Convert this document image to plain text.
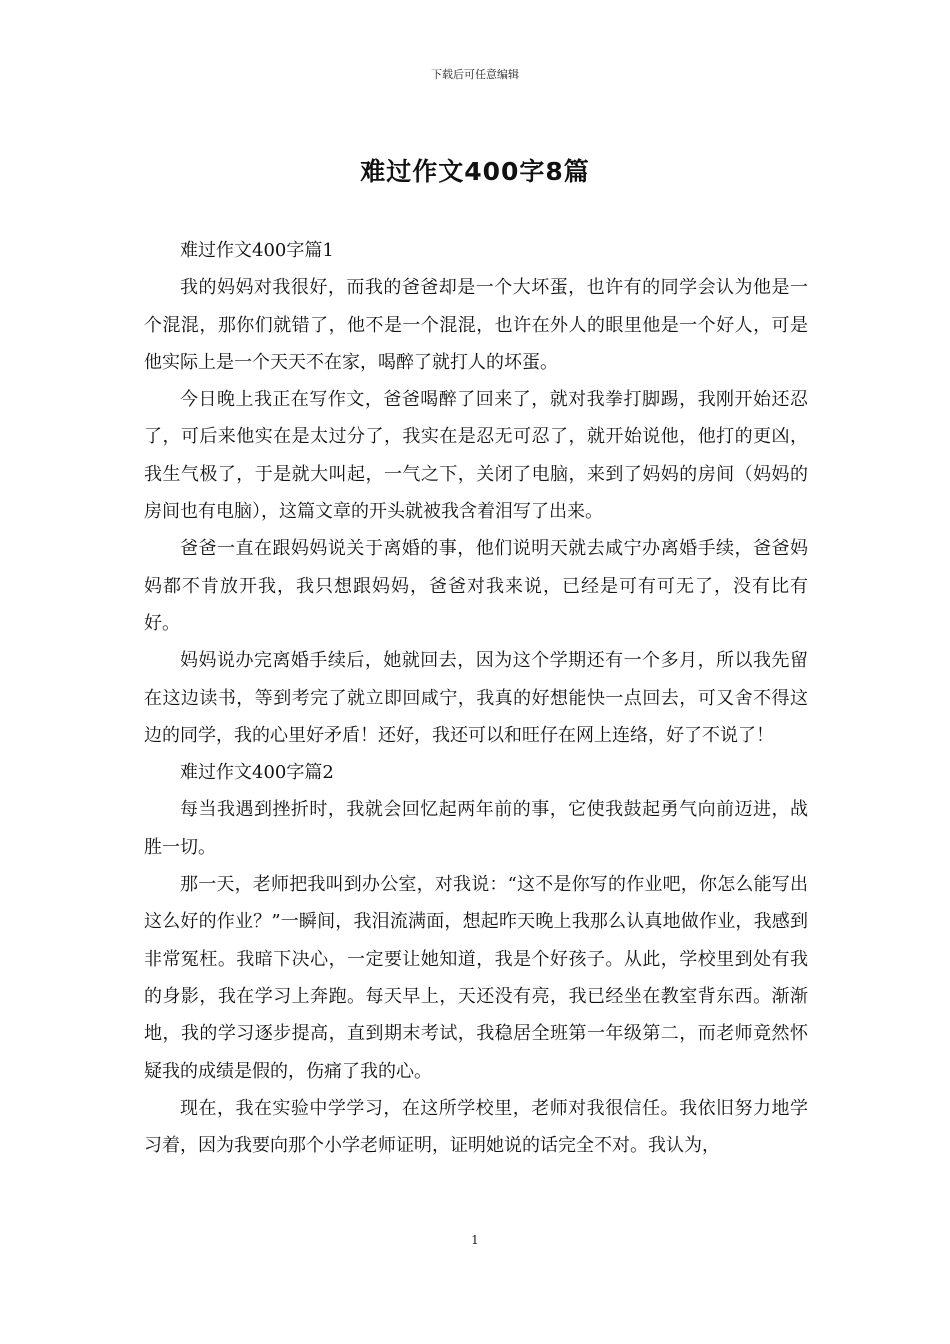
下载后可任意编辑
难过作文400字8篇

难过作文400字篇1

我的妈妈对我很好，而我的爸爸却是一个大坏蛋，也许有的同学会认为他是一个混混，那你们就错了，他不是一个混混，也许在外人的眼里他是一个好人，可是他实际上是一个天天不在家，喝醉了就打人的坏蛋。

今日晚上我正在写作文，爸爸喝醉了回来了，就对我拳打脚踢，我刚开始还忍了，可后来他实在是太过分了，我实在是忍无可忍了，就开始说他，他打的更凶，我生气极了，于是就大叫起，一气之下，关闭了电脑，来到了妈妈的房间（妈妈的房间也有电脑），这篇文章的开头就被我含着泪写了出来。

爸爸一直在跟妈妈说关于离婚的事，他们说明天就去咸宁办离婚手续，爸爸妈妈都不肯放开我，我只想跟妈妈，爸爸对我来说，已经是可有可无了，没有比有好。

妈妈说办完离婚手续后，她就回去，因为这个学期还有一个多月，所以我先留在这边读书，等到考完了就立即回咸宁，我真的好想能快一点回去，可又舍不得这边的同学，我的心里好矛盾！还好，我还可以和旺仔在网上连络，好了不说了！

难过作文400字篇2

每当我遇到挫折时，我就会回忆起两年前的事，它使我鼓起勇气向前迈进，战胜一切。

那一天，老师把我叫到办公室，对我说：“这不是你写的作业吧，你怎么能写出这么好的作业？”一瞬间，我泪流满面，想起昨天晚上我那么认真地做作业，我感到非常冤枉。我暗下决心，一定要让她知道，我是个好孩子。从此，学校里到处有我的身影，我在学习上奔跑。每天早上，天还没有亮，我已经坐在教室背东西。渐渐地，我的学习逐步提高，直到期末考试，我稳居全班第一年级第二，而老师竟然怀疑我的成绩是假的，伤痛了我的心。

现在，我在实验中学学习，在这所学校里，老师对我很信任。我依旧努力地学习着，因为我要向那个小学老师证明，证明她说的话完全不对。我认为，

1
